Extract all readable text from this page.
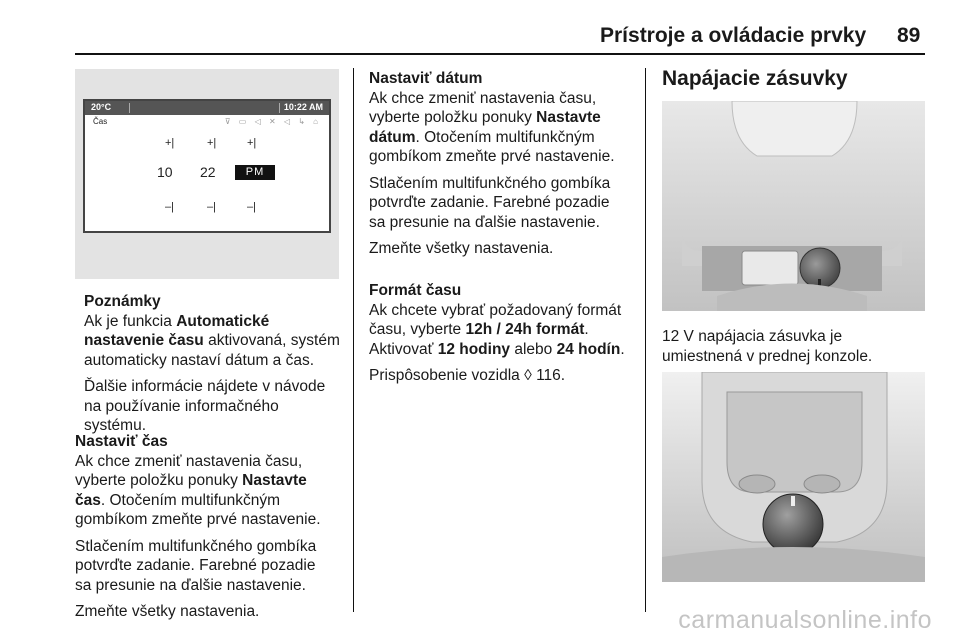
Prístroje a ovládacie prvky 89
20°C	10:22 AM
Čas	⊽ ▭ ◁ ✕ ◁ ↳ ⌂
+|	+|	+|
10 22	PM
–|	–|	–|

Poznámky

Ak je funkcia Automatické

nastavenie času aktivovaná, systém

automaticky nastaví dátum a čas.

Ďalšie informácie nájdete v návode

na používanie informačného

systému.

Nastaviť čas

Ak chce zmeniť nastavenia času,

vyberte položku ponuky Nastavte

čas. Otočením multifunkčným

gombíkom zmeňte prvé nastavenie.

Stlačením multifunkčného gombíka

potvrďte zadanie. Farebné pozadie

sa presunie na ďalšie nastavenie.

Zmeňte všetky nastavenia.

Nastaviť dátum

Ak chce zmeniť nastavenia času,

vyberte položku ponuky Nastavte

dátum. Otočením multifunkčným

gombíkom zmeňte prvé nastavenie.

Stlačením multifunkčného gombíka

potvrďte zadanie. Farebné pozadie

sa presunie na ďalšie nastavenie.

Zmeňte všetky nastavenia.

Formát času

Ak chcete vybrať požadovaný formát

času, vyberte 12h / 24h formát.

Aktivovať 12 hodiny alebo 24 hodín.

Prispôsobenie vozidla ◊ 116.

Napájacie zásuvky

12 V napájacia zásuvka je

umiestnená v prednej konzole.

carmanualsonline.info
